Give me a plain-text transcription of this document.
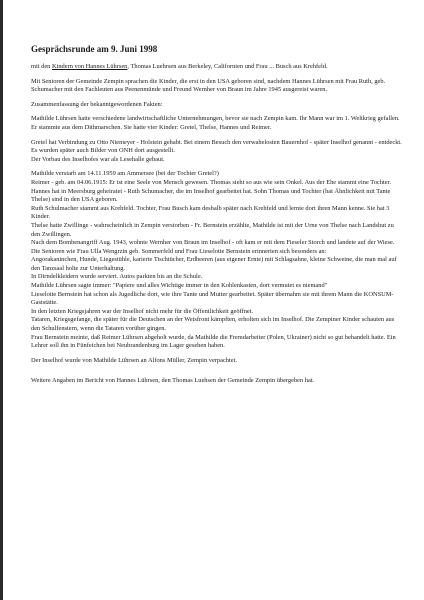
Gesprächsrunde am 9. Juni 1998
mit den Kindern von Hannes Lührsen, Thomas Luehrsen aus Berkeley, Californien und Frau ... Busch aus Krehfeld.
Mit Senioren der Gemeinde Zempin sprachen die Kinder, die erst in den USA geboren sind, nachdem Hannes Lührsen mit Frau Ruth, geb. Schumacher mit den Fachleuten aus Peenenmünde und Freund Wernher von Braun im Jahre 1945 ausgereist waren.
Zusammenfassung der bekanntgewordenen Fakten:
Mathilde Lührsen hatte verschiedene landwirtschaftliche Unternehmungen, bevor sie nach Zempin kam. Ihr Mann war im 1. Weltkrieg gefallen. Er stammte aus dem Dithmarschen. Sie hatte vier Kinder: Gretel, Thelse, Hannes und Reimer.
Gretel hat Verbindung zu Otto Niemeyer - Holstein gehabt. Bei einem Besuch den verwahelosten Bauernhof - später Inselhof genannt - entdeckt. Es wurden später auch Bilder von ONH dort ausgestellt.
Der Vorbau des Inselhofes war als Lesehalle gebaut.
Mathilde verstarb am 14.11.1959 am Ammersee (bei der Tochter Gretel?)
Reimer - geb. am 04.06.1915: Er ist eine Seele von Mensch gewesen. Thomas sieht so aus wie sein Onkel. Aus der Ehe stammt eine Tochter.
Hannes hat in Meersburg geheiratet - Ruth Schumacher, die im Inselhof gearbeitet hat. Sohn Thomas und Tochter (hat Ähnlichkeit mit Tante Thelse) sind in den USA geboren.
Ruth Schulmacher stammt aus Krehfeld. Tochter, Frau Busch kam deshalb später nach Krehfeld und lernte dort ihren Mann kenne. Sie hat 3 Kinder.
Thelse hatte Zwillinge - wahrscheinlich in Zempin verstorben - Fr. Bernstein erzählte, Mathilde ist mit der Urne von Thelse nach Landshut zu den Zwillingen.
Nach dem Bombenangriff Aug. 1943, wohnte Wernher von Braun im Inselhof - oft kam er mit dem Fieseler Storch und landete auf der Wiese.
Die Senioren wie Frau Ulla Wengrzin geb. Sommerfeld und Frau Lieselotte Bernstein erinnerten sich besonders an:
Angorakaninchen, Hunde, Liegestühle, karierte Tischtücher, Erdbeeren (aus eigener Ernte) mit Schlagsahne, kleine Schweine, die man mal auf den Tanzsaal holte zur Unterhaltung.
In Dirndelkleidern wurde serviert. Autos parkten bis an die Schule.
Mathilde Lührsen sagte immer: "Papiere und alles Wichtige immer in den Kohlenkasten, dort vermutet es niemand"
Lieselotte Bernstein hat schon als Jugedliche dort, wie ihre Tante und Mutter gearbeitet. Später übernahm sie mit ihrem Mann die KONSUM-Gaststätte.
In den letzten Kriegsjahren war der Inselhof nicht mehr für die Öffentlichkeit geöffnet.
Tataren, Kriegsgefange, die später für die Deutschen an der Wetsfront kämpften, erholten sich im Inselhof. Die Zempiner Kinder schauten aus den Schulfenstern, wenn die Tataren vorüber gingen.
Frau Bernstein meinte, daß Reimer Lührsen abgeholt wurde, da Mathilde die Fremdarbeiter (Polen, Ukrainer) nicht so gut behandelt hatte. Ein Lehrer soll ihn in Fünfeichen bei Neubrandenburg im Lager gesehen haben.
Der Inselhof wurde von Mathilde Lührsen an Alfons Müller, Zempin verpachtet.
Weitere Angaben im Bericht von Hannes Lührsen, den Thomas Luehsen der Gemeinde Zempin übergeben hat.
